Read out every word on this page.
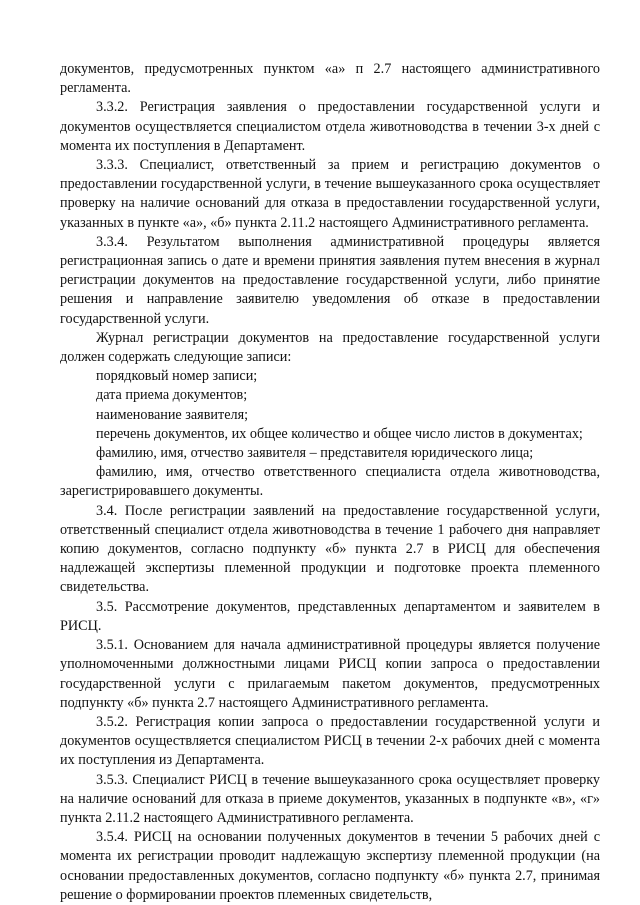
документов, предусмотренных пунктом «а» п 2.7 настоящего административного регламента.

3.3.2. Регистрация заявления о предоставлении государственной услуги и документов осуществляется специалистом отдела животноводства в течении 3-х дней с момента их поступления в Департамент.

3.3.3. Специалист, ответственный за прием и регистрацию документов о предоставлении государственной услуги, в течение вышеуказанного срока осуществляет проверку на наличие оснований для отказа в предоставлении государственной услуги, указанных в пункте «а», «б» пункта 2.11.2 настоящего Административного регламента.

3.3.4. Результатом выполнения административной процедуры является регистрационная запись о дате и времени принятия заявления путем внесения в журнал регистрации документов на предоставление государственной услуги, либо принятие решения и направление заявителю уведомления об отказе в предоставлении государственной услуги.

Журнал регистрации документов на предоставление государственной услуги должен содержать следующие записи:

порядковый номер записи;

дата приема документов;

наименование заявителя;

перечень документов, их общее количество и общее число листов в документах;

фамилию, имя, отчество заявителя – представителя юридического лица;

фамилию, имя, отчество ответственного специалиста отдела животноводства, зарегистрировавшего документы.

3.4. После регистрации заявлений на предоставление государственной услуги, ответственный специалист отдела животноводства в течение 1 рабочего дня направляет копию документов, согласно подпункту «б» пункта 2.7 в РИСЦ для обеспечения надлежащей экспертизы племенной продукции и подготовке проекта племенного свидетельства.

3.5. Рассмотрение документов, представленных департаментом и заявителем в РИСЦ.

3.5.1. Основанием для начала административной процедуры является получение уполномоченными должностными лицами РИСЦ копии запроса о предоставлении государственной услуги с прилагаемым пакетом документов, предусмотренных подпункту «б» пункта 2.7 настоящего Административного регламента.

3.5.2. Регистрация копии запроса о предоставлении государственной услуги и документов осуществляется специалистом РИСЦ в течении 2-х рабочих дней с момента их поступления из Департамента.

3.5.3. Специалист РИСЦ в течение вышеуказанного срока осуществляет проверку на наличие оснований для отказа в приеме документов, указанных в подпункте «в», «г» пункта 2.11.2 настоящего Административного регламента.

3.5.4. РИСЦ на основании полученных документов в течении 5 рабочих дней с момента их регистрации проводит надлежащую экспертизу племенной продукции (на основании предоставленных документов, согласно подпункту «б» пункта 2.7, принимая решение о формировании проектов племенных свидетельств,
